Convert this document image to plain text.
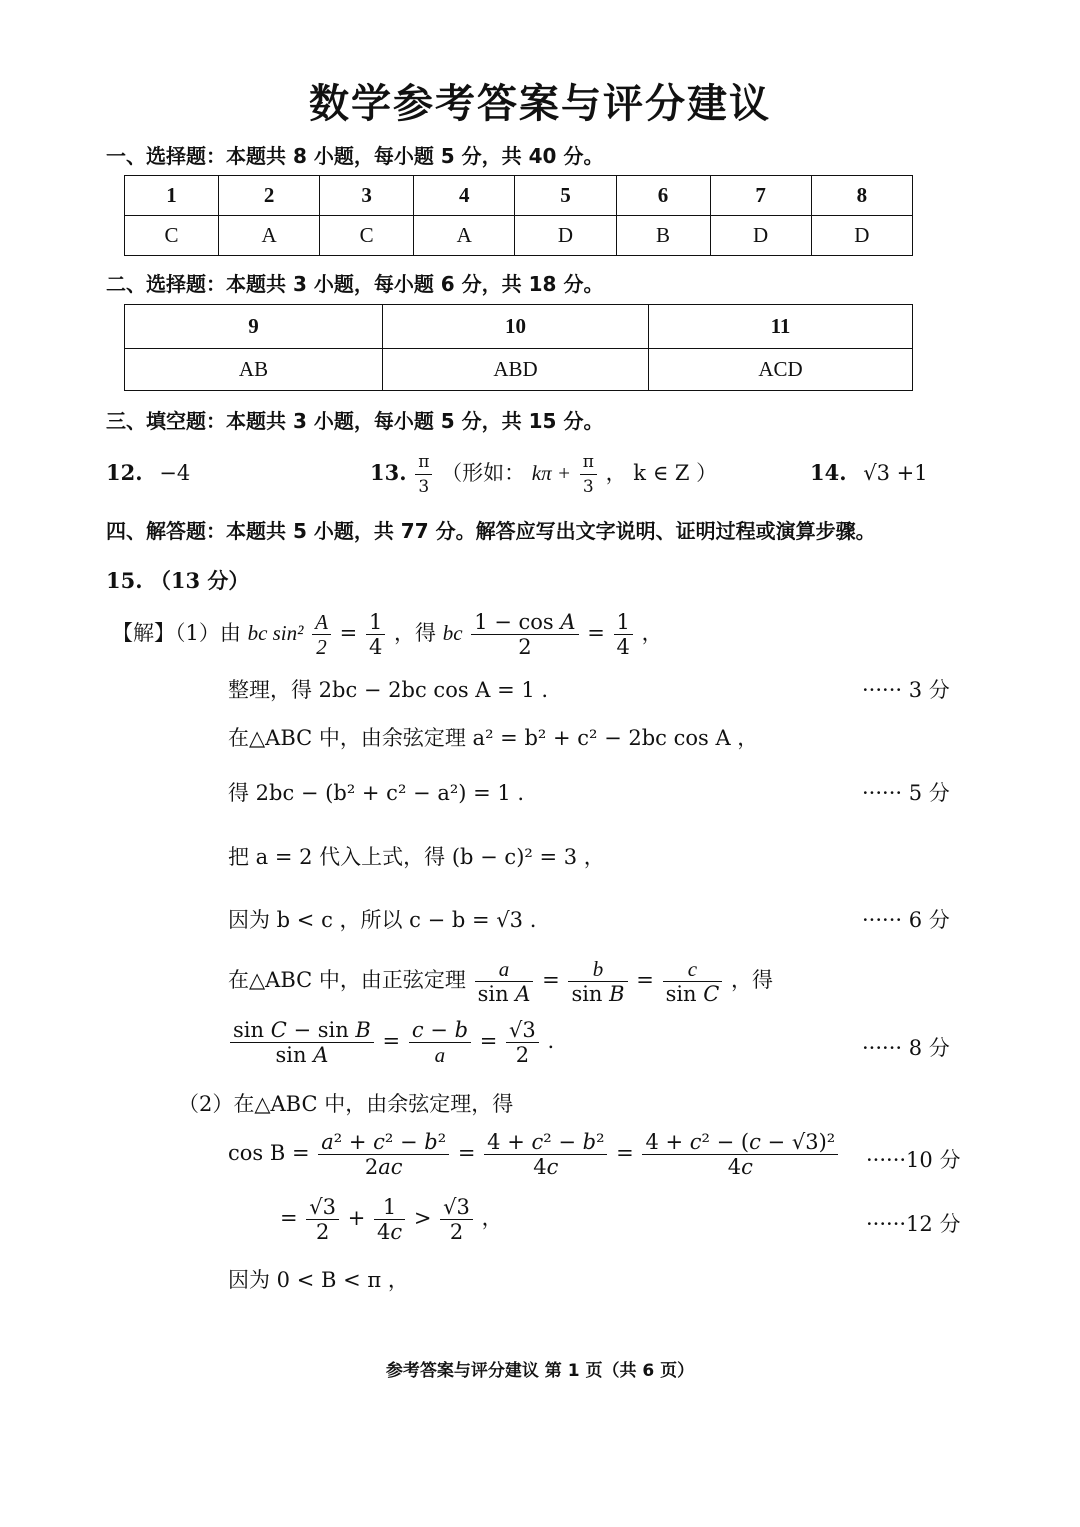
数学参考答案与评分建议
一、选择题：本题共 8 小题，每小题 5 分，共 40 分。
1	2	3	4	5	6	7	8
C	A	C	A	D	B	D	D
二、选择题：本题共 3 小题，每小题 6 分，共 18 分。
9	10	11
AB	ABD	ACD
三、填空题：本题共 3 小题，每小题 5 分，共 15 分。
12. −4	13. $\frac{\pi}{3}$ （形如： $k\pi + \frac{\pi}{3}$ ， k ∈ Z ）	14. √3 +1
四、解答题：本题共 5 小题，共 77 分。解答应写出文字说明、证明过程或演算步骤。
15. （13 分）
【解】（1）由 bc $\sin^2 \frac{A}{2} = \frac{1}{4}$ ，得 bc $\frac{\text{1 − cos A}}{2} = \frac{1}{4}$ ，
整理，得 2bc − 2bc cos A = 1 .	······ 3 分
在△ABC 中，由余弦定理 a² = b² + c² − 2bc cos A ，
得 2bc − (b² + c² − a²) = 1 .	······ 5 分
把 a = 2 代入上式，得 (b − c)² = 3 ，
因为 b < c ，所以 c − b = √3 .	······ 6 分
在△ABC 中，由正弦定理 $\frac{a}{\text{sin A}} = \frac{b}{\text{sin B}} = \frac{c}{\text{sin C}}$ ，得
$\frac{\text{sin C − sin B}}{\text{sin A}} = \frac{c - b}{a} = \frac{√3}{2}$ .	······ 8 分
（2）在△ABC 中，由余弦定理，得
$\cos B = \frac{\text{a² + c² − b²}}{2ac} = \frac{\text{4 + c² − b²}}{4c} = \frac{\text{4 + c² − (c − √3)²}}{4c} \cdot\cdot\cdot\cdot\cdot\cdot 10$ 分
= $\frac{√3}{2} + \frac{1}{4c} > \frac{√3}{2}$ ，	······12 分
因为 0 < B < π ，
参考答案与评分建议 第 1 页（共 6 页）
